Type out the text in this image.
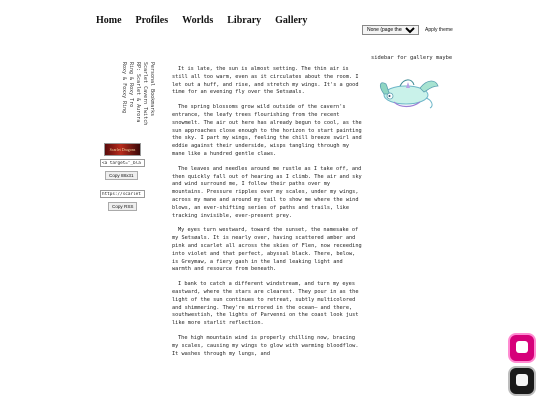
Home Profiles Worlds Library Gallery
None (page theme)
Apply theme
Personal Bookmarks
Scarlet Cavern Twitch
RP: Scarlet & Aurora
Ring & Roxy Tro
Roxy & Foxxy Ring
Scarlet Dragons
<a target="_bla
Copy 88x31
https://scarlet
Copy RSS

It is late, the sun is almost setting. The thin air is still all too warm, even as it circulates about the room. I let out a huff, and rise, and stretch my wings. It's a good time for an evening fly over the Setsøals.

The spring blossoms grow wild outside of the cavern's entrance, the leafy trees flourishing from the recent snowmelt. The air out here has already begun to cool, as the sun approaches close enough to the horizon to start painting the sky. I part my wings, feeling the chill breeze swirl and eddie against their underside, wisps tangling through my mane like a hundred gentle claws.

The leaves and needles around me rustle as I take off, and then quickly fall out of hearing as I climb. The air and sky and wind surround me, I follow their paths over my mountains. Pressure ripples over my scales, under my wings, across my mane and around my tail to show me where the wind blows, an ever-shifting series of paths and trails, like tracking invisible, ever-present prey.

My eyes turn westward, toward the sunset, the namesake of my Setsøals. It is nearly over, having scattered amber and pink and scarlet all across the skies of Flen, now receeding into violet and that perfect, abyssal black. There, below, is Greymaw, a fiery gash in the land leaking light and warmth and resource from beneath.

I bank to catch a different windstream, and turn my eyes eastward, where the stars are clearest. They pour in as the light of the sun continues to retreat, subtly multicolored and shimmering. They're mirrored in the ocean— and there, southwestish, the lights of Parvenni on the coast look just like more starlit reflection.

The high mountain wind is properly chilling now, bracing my scales, causing my wings to glow with warming bloodflow. It washes through my lungs, and

sidebar for gallery maybe
